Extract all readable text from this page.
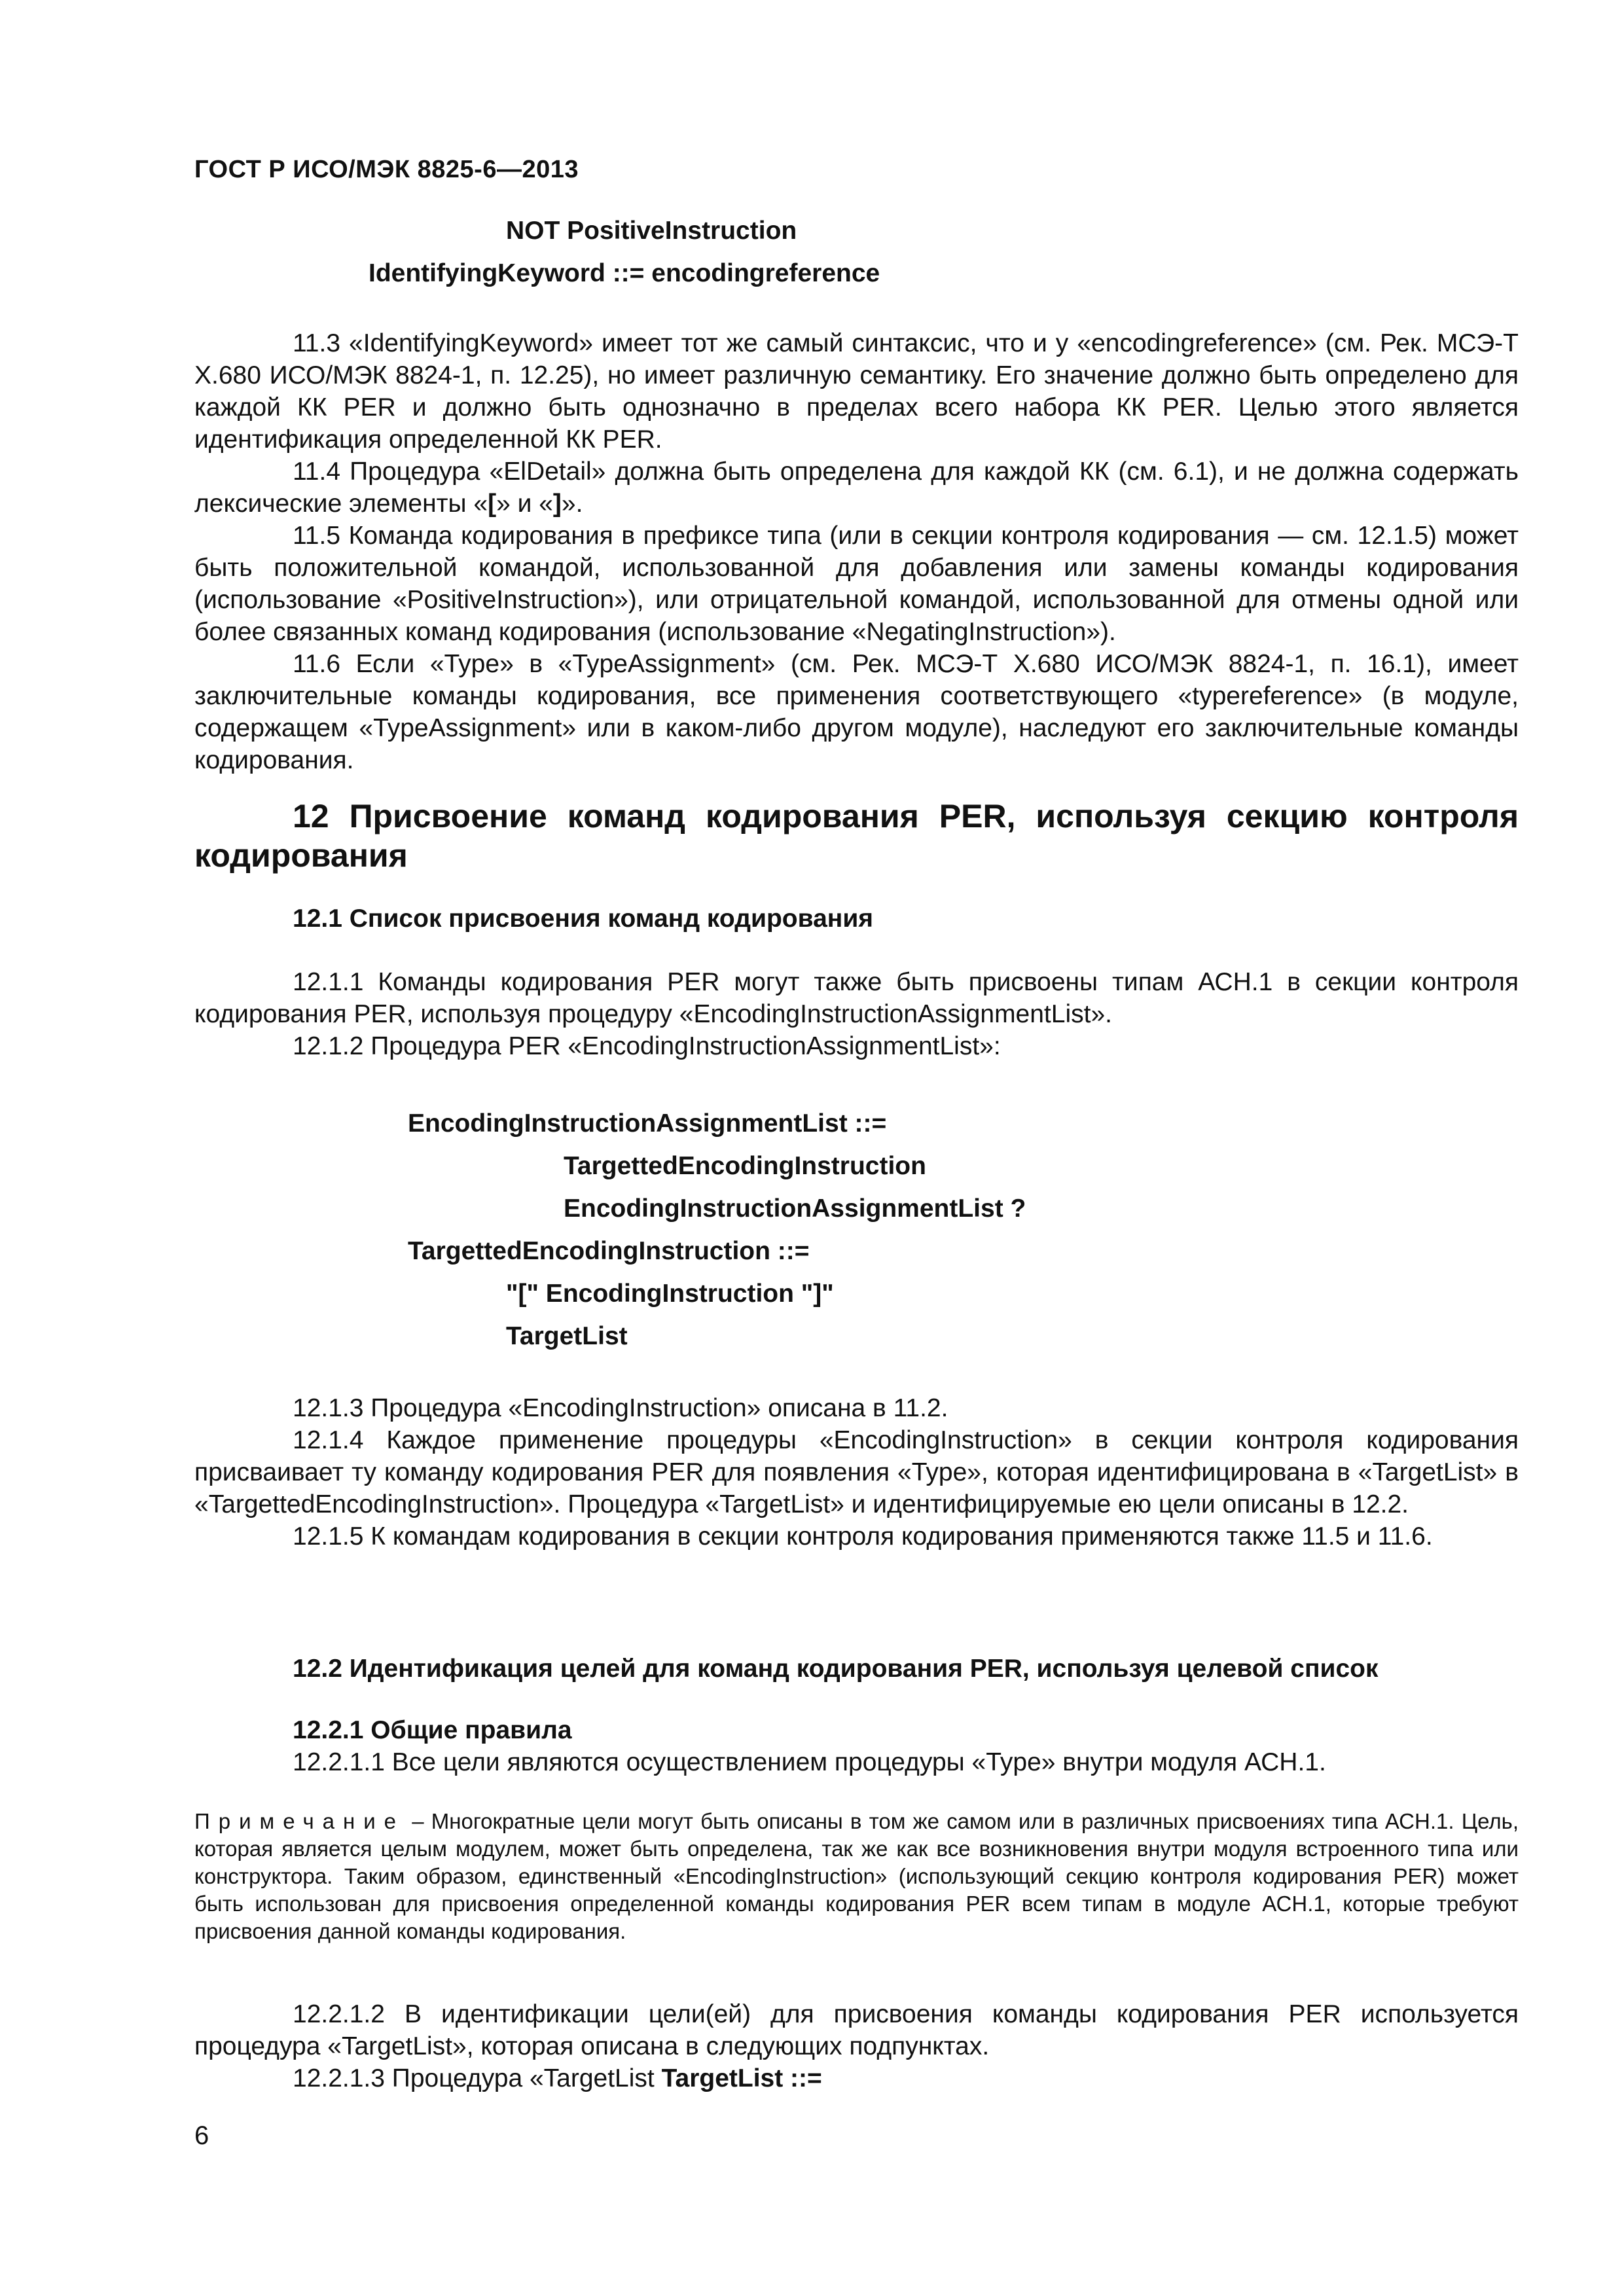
ГОСТ Р ИСО/МЭК 8825-6—2013
NOT PositiveInstruction
IdentifyingKeyword ::= encodingreference

11.3 «IdentifyingKeyword» имеет тот же самый синтаксис, что и у «encodingreference» (см. Рек. МСЭ-Т Х.680 ИСО/МЭК 8824-1, п. 12.25), но имеет различную семантику. Его значение должно быть определено для каждой КК PER и должно быть однозначно в пределах всего набора КК PER. Целью этого является идентификация определенной КК PER.

11.4 Процедура «ElDetail» должна быть определена для каждой КК (см. 6.1), и не должна содержать лексические элементы «[» и «]».

11.5 Команда кодирования в префиксе типа (или в секции контроля кодирования — см. 12.1.5) может быть положительной командой, использованной для добавления или замены команды кодирования (использование «PositiveInstruction»), или отрицательной командой, использованной для отмены одной или более связанных команд кодирования (использование «NegatingInstruction»).

11.6 Если «Type» в «TypeAssignment» (см. Рек. МСЭ-Т Х.680 ИСО/МЭК 8824-1, п. 16.1), имеет заключительные команды кодирования, все применения соответствующего «typereference» (в модуле, содержащем «TypeAssignment» или в каком-либо другом модуле), наследуют его заключительные команды кодирования.

12 Присвоение команд кодирования PER, используя секцию контроля кодирования
12.1 Список присвоения команд кодирования

12.1.1 Команды кодирования PER могут также быть присвоены типам АСН.1 в секции контроля кодирования PER, используя процедуру «EncodingInstructionAssignmentList».

12.1.2 Процедура PER «EncodingInstructionAssignmentList»:

EncodingInstructionAssignmentList ::=
TargettedEncodingInstruction
EncodingInstructionAssignmentList ?
TargettedEncodingInstruction ::=
"[" EncodingInstruction "]"
TargetList

12.1.3 Процедура «EncodingInstruction» описана в 11.2.

12.1.4 Каждое применение процедуры «EncodingInstruction» в секции контроля кодирования присваивает ту команду кодирования PER для появления «Type», которая идентифицирована в «TargetList» в «TargettedEncodingInstruction». Процедура «TargetList» и идентифицируемые ею цели описаны в 12.2.

12.1.5 К командам кодирования в секции контроля кодирования применяются также 11.5 и 11.6.

12.2 Идентификация целей для команд кодирования PER, используя целевой список
12.2.1 Общие правила

12.2.1.1 Все цели являются осуществлением процедуры «Type» внутри модуля АСН.1.

Примечание – Многократные цели могут быть описаны в том же самом или в различных присвоениях типа АСН.1. Цель, которая является целым модулем, может быть определена, так же как все возникновения внутри модуля встроенного типа или конструктора. Таким образом, единственный «EncodingInstruction» (использующий секцию контроля кодирования PER) может быть использован для присвоения определенной команды кодирования PER всем типам в модуле АСН.1, которые требуют присвоения данной команды кодирования.

12.2.1.2 В идентификации цели(ей) для присвоения команды кодирования PER используется процедура «TargetList», которая описана в следующих подпунктах.

12.2.1.3 Процедура «TargetList TargetList ::=

6
